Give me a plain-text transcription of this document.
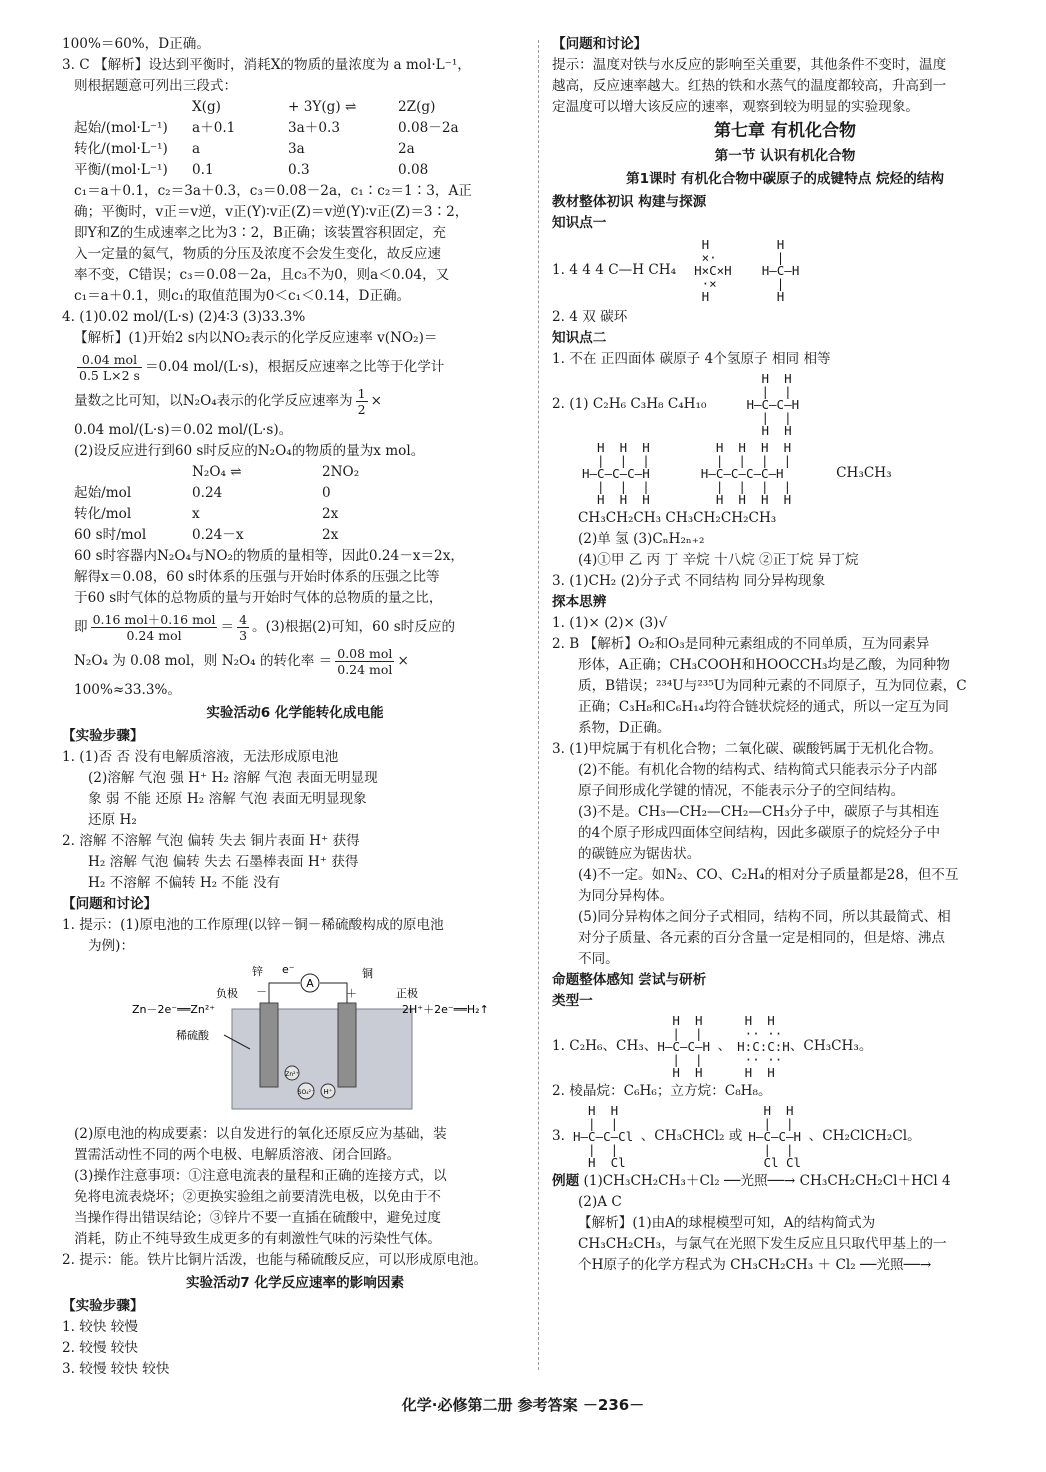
100%＝60%，D正确。

3. C 【解析】设达到平衡时，消耗X的物质的量浓度为 a mol·L⁻¹，

则根据题意可列出三段式：

X(g)	+ 3Y(g) ⇌	2Z(g)
起始/(mol·L⁻¹)	a＋0.1	3a＋0.3	0.08－2a
转化/(mol·L⁻¹)	a	3a	2a
平衡/(mol·L⁻¹)	0.1	0.3	0.08

c₁＝a＋0.1，c₂＝3a＋0.3，c₃＝0.08－2a，c₁∶c₂＝1∶3，A正

确；平衡时，v正＝v逆，v正(Y)∶v正(Z)＝v逆(Y)∶v正(Z)＝3∶2，

即Y和Z的生成速率之比为3∶2，B正确；该装置容积固定，充

入一定量的氦气，物质的分压及浓度不会发生变化，故反应速

率不变，C错误；c₃＝0.08－2a，且c₃不为0，则a＜0.04，又

c₁＝a＋0.1，则c₁的取值范围为0＜c₁＜0.14，D正确。

4. (1)0.02 mol/(L·s) (2)4∶3 (3)33.3%

【解析】(1)开始2 s内以NO₂表示的化学反应速率 v(NO₂)＝

$\frac{\text{0.04 mol}}{0.5 L\times 2 s} =0.04$ mol/(L·s)，根据反应速率之比等于化学计

量数之比可知，以N₂O₄表示的化学反应速率为 $\frac{1}{2}$ ×

0.04 mol/(L·s)＝0.02 mol/(L·s)。

(2)设反应进行到60 s时反应的N₂O₄的物质的量为x mol。

N₂O₄ ⇌	2NO₂
起始/mol	0.24	0
转化/mol	x	2x
60 s时/mol	0.24－x	2x

60 s时容器内N₂O₄与NO₂的物质的量相等，因此0.24－x＝2x，

解得x＝0.08，60 s时体系的压强与开始时体系的压强之比等

于60 s时气体的总物质的量与开始时气体的总物质的量之比，

即 $\frac{\text{0.16 mol＋0.16 mol}}{\text{0.24 mol}} = \frac{4}{3}$ 。(3)根据(2)可知，60 s时反应的

N₂O₄ 为 0.08 mol，则 N₂O₄ 的转化率 ＝ $\frac{\text{0.08 mol}}{\text{0.24 mol}}$ ×

100%≈33.3%。

实验活动6 化学能转化成电能

【实验步骤】

1. (1)否 否 没有电解质溶液，无法形成原电池

(2)溶解 气泡 强 H⁺ H₂ 溶解 气泡 表面无明显现

象 弱 不能 还原 H₂ 溶解 气泡 表面无明显现象

还原 H₂

2. 溶解 不溶解 气泡 偏转 失去 铜片表面 H⁺ 获得

H₂ 溶解 气泡 偏转 失去 石墨棒表面 H⁺ 获得

H₂ 不溶解 不偏转 H₂ 不能 没有

【问题和讨论】

1. 提示：(1)原电池的工作原理(以锌－铜－稀硫酸构成的原电池

为例)：

A
e⁻
－	＋
负极
锌	铜
正极
Zn－2e⁻══Zn²⁺	2H⁺＋2e⁻══H₂↑
稀硫酸
SO₄²⁻ H⁺
Zn²⁺

(2)原电池的构成要素：以自发进行的氧化还原反应为基础，装

置需活动性不同的两个电极、电解质溶液、闭合回路。

(3)操作注意事项：①注意电流表的量程和正确的连接方式，以

免将电流表烧坏；②更换实验组之前要清洗电极，以免由于不

当操作得出错误结论；③锌片不要一直插在硫酸中，避免过度

消耗，防止不纯导致生成更多的有刺激性气味的污染性气体。

2. 提示：能。铁片比铜片活泼，也能与稀硫酸反应，可以形成原电池。

实验活动7 化学反应速率的影响因素

【实验步骤】

1. 较快 较慢

2. 较慢 较快

3. 较慢 较快 较快

【问题和讨论】

提示：温度对铁与水反应的影响至关重要，其他条件不变时，温度

越高，反应速率越大。红热的铁和水蒸气的温度都较高，升高到一

定温度可以增大该反应的速率，观察到较为明显的实验现象。

第七章 有机化合物

第一节 认识有机化合物

第1课时 有机化合物中碳原子的成键特点 烷烃的结构

教材整体初识 构建与探源

知识点一

1. 4 4 4 C—H CH₄
H
×·
H×C×H
·×
H
H
|
H—C—H
|
H

2. 4 双 碳环

知识点二

1. 不在 正四面体 碳原子 4个氢原子 相同 相等

2. (1) C₂H₆ C₃H₈ C₄H₁₀
H  H
|  |
H—C—C—H
|  |
H  H
H  H  H
|  |  |
H—C—C—C—H
|  |  |
H  H  H
H  H  H  H
|  |  |  |
H—C—C—C—C—H
|  |  |  |
H  H  H  H
CH₃CH₃

CH₃CH₂CH₃ CH₃CH₂CH₂CH₃

(2)单 氢 (3)CₙH₂ₙ₊₂

(4)①甲 乙 丙 丁 辛烷 十八烷 ②正丁烷 异丁烷

3. (1)CH₂ (2)分子式 不同结构 同分异构现象

探本思辨

1. (1)× (2)× (3)√

2. B 【解析】O₂和O₃是同种元素组成的不同单质，互为同素异

形体，A正确；CH₃COOH和HOOCCH₃均是乙酸，为同种物

质，B错误；²³⁴U与²³⁵U为同种元素的不同原子，互为同位素，C

正确；C₃H₈和C₆H₁₄均符合链状烷烃的通式，所以一定互为同

系物，D正确。

3. (1)甲烷属于有机化合物；二氧化碳、碳酸钙属于无机化合物。

(2)不能。有机化合物的结构式、结构简式只能表示分子内部

原子间形成化学键的情况，不能表示分子的空间结构。

(3)不是。CH₃—CH₂—CH₂—CH₃分子中，碳原子与其相连

的4个原子形成四面体空间结构，因此多碳原子的烷烃分子中

的碳链应为锯齿状。

(4)不一定。如N₂、CO、C₂H₄的相对分子质量都是28，但不互

为同分异构体。

(5)同分异构体之间分子式相同，结构不同，所以其最简式、相

对分子质量、各元素的百分含量一定是相同的，但是熔、沸点

不同。

命题整体感知 尝试与研析

类型一

1. C₂H₆、CH₃、
H  H
|  |
H—C—C—H
|  |
H  H
、
H  H
·· ··
H:C:C:H
·· ··
H  H
、CH₃CH₃。

2. 棱晶烷：C₆H₆；立方烷：C₈H₈。

3.
H  H
|  |
H—C—C—Cl
|  |
H  Cl
、CH₃CHCl₂ 或
H  H
|  |
H—C—C—H
|  |
Cl Cl
、CH₂ClCH₂Cl。

例题 (1)CH₃CH₂CH₃＋Cl₂ ──光照──→ CH₃CH₂CH₂Cl＋HCl 4

(2)A C

【解析】(1)由A的球棍模型可知，A的结构简式为

CH₃CH₂CH₃，与氯气在光照下发生反应且只取代甲基上的一

个H原子的化学方程式为 CH₃CH₂CH₃ ＋ Cl₂ ──光照──→

化学·必修第二册 参考答案 －236－
